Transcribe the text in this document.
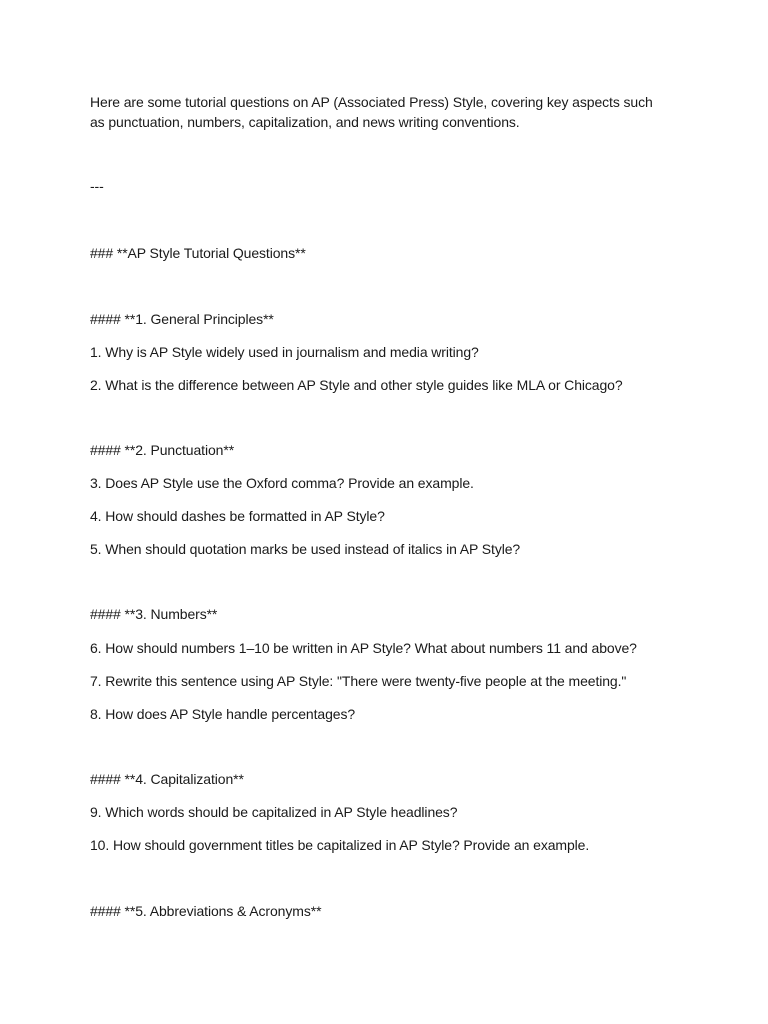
Here are some tutorial questions on AP (Associated Press) Style, covering key aspects such
as punctuation, numbers, capitalization, and news writing conventions.
---
### **AP Style Tutorial Questions**
#### **1. General Principles**
1. Why is AP Style widely used in journalism and media writing?
2. What is the difference between AP Style and other style guides like MLA or Chicago?
#### **2. Punctuation**
3. Does AP Style use the Oxford comma? Provide an example.
4. How should dashes be formatted in AP Style?
5. When should quotation marks be used instead of italics in AP Style?
#### **3. Numbers**
6. How should numbers 1–10 be written in AP Style? What about numbers 11 and above?
7. Rewrite this sentence using AP Style: "There were twenty-five people at the meeting."
8. How does AP Style handle percentages?
#### **4. Capitalization**
9. Which words should be capitalized in AP Style headlines?
10. How should government titles be capitalized in AP Style? Provide an example.
#### **5. Abbreviations & Acronyms**
